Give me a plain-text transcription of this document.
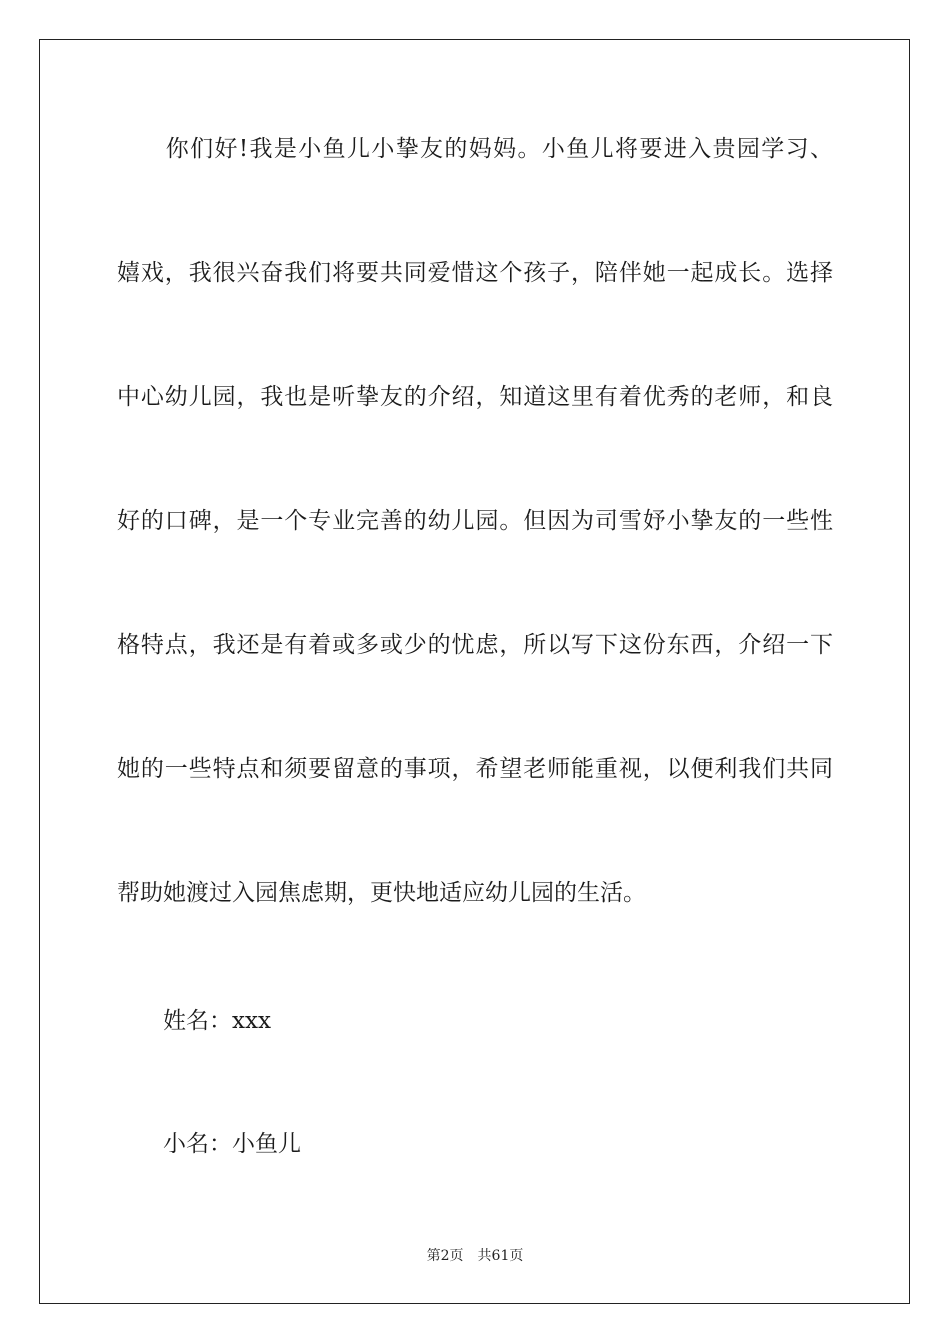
　　你们好!我是小鱼儿小挚友的妈妈。小鱼儿将要进入贵园学习、
嬉戏，我很兴奋我们将要共同爱惜这个孩子，陪伴她一起成长。选择
中心幼儿园，我也是听挚友的介绍，知道这里有着优秀的老师，和良
好的口碑，是一个专业完善的幼儿园。但因为司雪妤小挚友的一些性
格特点，我还是有着或多或少的忧虑，所以写下这份东西，介绍一下
她的一些特点和须要留意的事项，希望老师能重视，以便利我们共同
帮助她渡过入园焦虑期，更快地适应幼儿园的生活。
姓名：xxx
小名：小鱼儿
第2页 共61页
